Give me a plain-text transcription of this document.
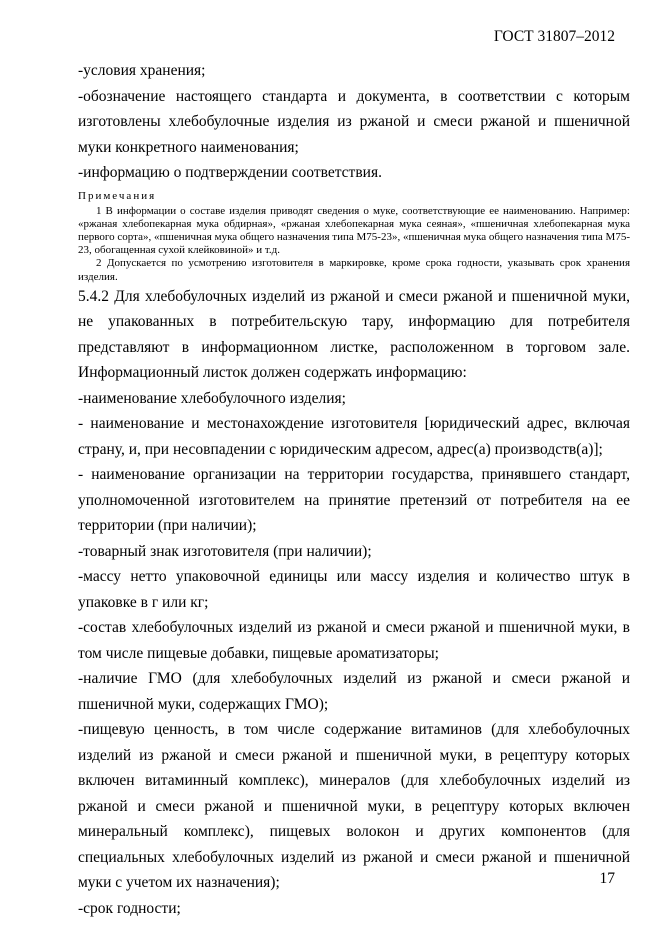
ГОСТ 31807–2012

-условия хранения;

-обозначение настоящего стандарта и документа, в соответствии с которым изготовлены хлебобулочные изделия из ржаной и смеси ржаной и пшеничной муки конкретного наименования;

-информацию о подтверждении соответствия.

Примечания

1 В информации о составе изделия приводят сведения о муке, соответствующие ее наименованию. Например: «ржаная хлебопекарная мука обдирная», «ржаная хлебопекарная мука сеяная», «пшеничная хлебопекарная мука первого сорта», «пшеничная мука общего назначения типа М75-23», «пшеничная мука общего назначения типа М75-23, обогащенная сухой клейковиной» и т.д.

2 Допускается по усмотрению изготовителя в маркировке, кроме срока годности, указывать срок хранения изделия.

5.4.2 Для хлебобулочных изделий из ржаной и смеси ржаной и пшеничной муки, не упакованных в потребительскую тару, информацию для потребителя представляют в информационном листке, расположенном в торговом зале. Информационный листок должен содержать информацию:

-наименование хлебобулочного изделия;

- наименование и местонахождение изготовителя [юридический адрес, включая страну, и, при несовпадении с юридическим адресом, адрес(а) производств(а)];

- наименование организации на территории государства, принявшего стандарт, уполномоченной изготовителем на принятие претензий от потребителя на ее территории (при наличии);

-товарный знак изготовителя (при наличии);

-массу нетто упаковочной единицы или массу изделия и количество штук в упаковке в г или кг;

-состав хлебобулочных изделий из ржаной и смеси ржаной и пшеничной муки, в том числе пищевые добавки, пищевые ароматизаторы;

-наличие ГМО (для хлебобулочных изделий из ржаной и смеси ржаной и пшеничной муки, содержащих ГМО);

-пищевую ценность, в том числе содержание витаминов (для хлебобулочных изделий из ржаной и смеси ржаной и пшеничной муки, в рецептуру которых включен витаминный комплекс), минералов (для хлебобулочных изделий из ржаной и смеси ржаной и пшеничной муки, в рецептуру которых включен минеральный комплекс), пищевых волокон и других компонентов (для специальных хлебобулочных изделий из ржаной и смеси ржаной и пшеничной муки с учетом их назначения);

-срок годности;

17
